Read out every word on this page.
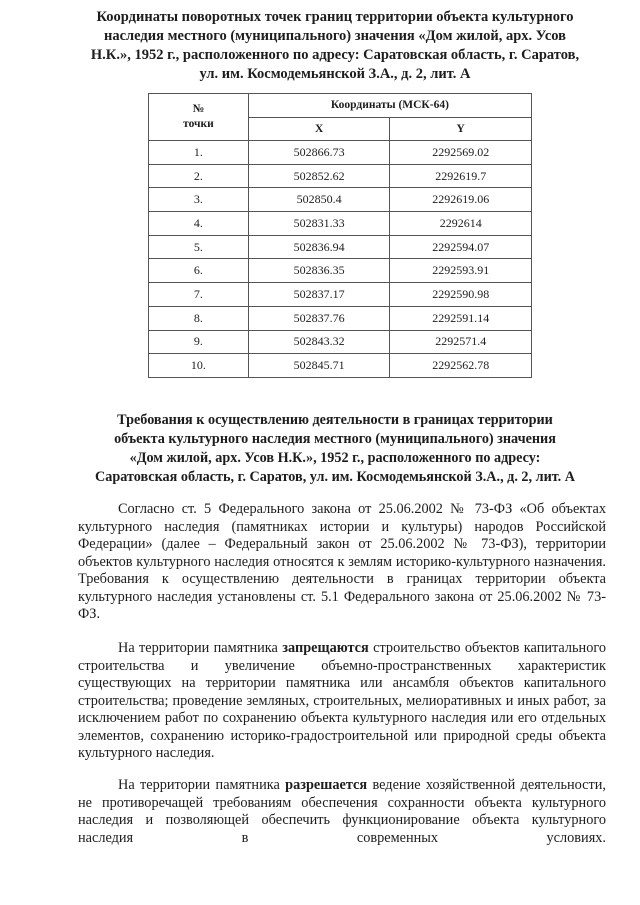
Координаты поворотных точек границ территории объекта культурного
наследия местного (муниципального) значения «Дом жилой, арх. Усов
Н.К.», 1952 г., расположенного по адресу: Саратовская область, г. Саратов,
ул. им. Космодемьянской З.А., д. 2, лит. А
№
точки	Координаты (МСК-64)	
	X	Y
1.	502866.73	2292569.02
2.	502852.62	2292619.7
3.	502850.4	2292619.06
4.	502831.33	2292614
5.	502836.94	2292594.07
6.	502836.35	2292593.91
7.	502837.17	2292590.98
8.	502837.76	2292591.14
9.	502843.32	2292571.4
10.	502845.71	2292562.78
Требования к осуществлению деятельности в границах территории
объекта культурного наследия местного (муниципального) значения
«Дом жилой, арх. Усов Н.К.», 1952 г., расположенного по адресу:
Саратовская область, г. Саратов, ул. им. Космодемьянской З.А., д. 2, лит. А
Согласно ст. 5 Федерального закона от 25.06.2002 № 73-ФЗ «Об объектах культурного наследия (памятниках истории и культуры) народов Российской Федерации» (далее – Федеральный закон от 25.06.2002 № 73-ФЗ), территории объектов культурного наследия относятся к землям историко-культурного назначения. Требования к осуществлению деятельности в границах территории объекта культурного наследия установлены ст. 5.1 Федерального закона от 25.06.2002 № 73-ФЗ.
На территории памятника запрещаются строительство объектов капитального строительства и увеличение объемно-пространственных характеристик существующих на территории памятника или ансамбля объектов капитального строительства; проведение земляных, строительных, мелиоративных и иных работ, за исключением работ по сохранению объекта культурного наследия или его отдельных элементов, сохранению историко-градостроительной или природной среды объекта культурного наследия.
На территории памятника разрешается ведение хозяйственной деятельности, не противоречащей требованиям обеспечения сохранности объекта культурного наследия и позволяющей обеспечить функционирование объекта культурного наследия в современных условиях.
